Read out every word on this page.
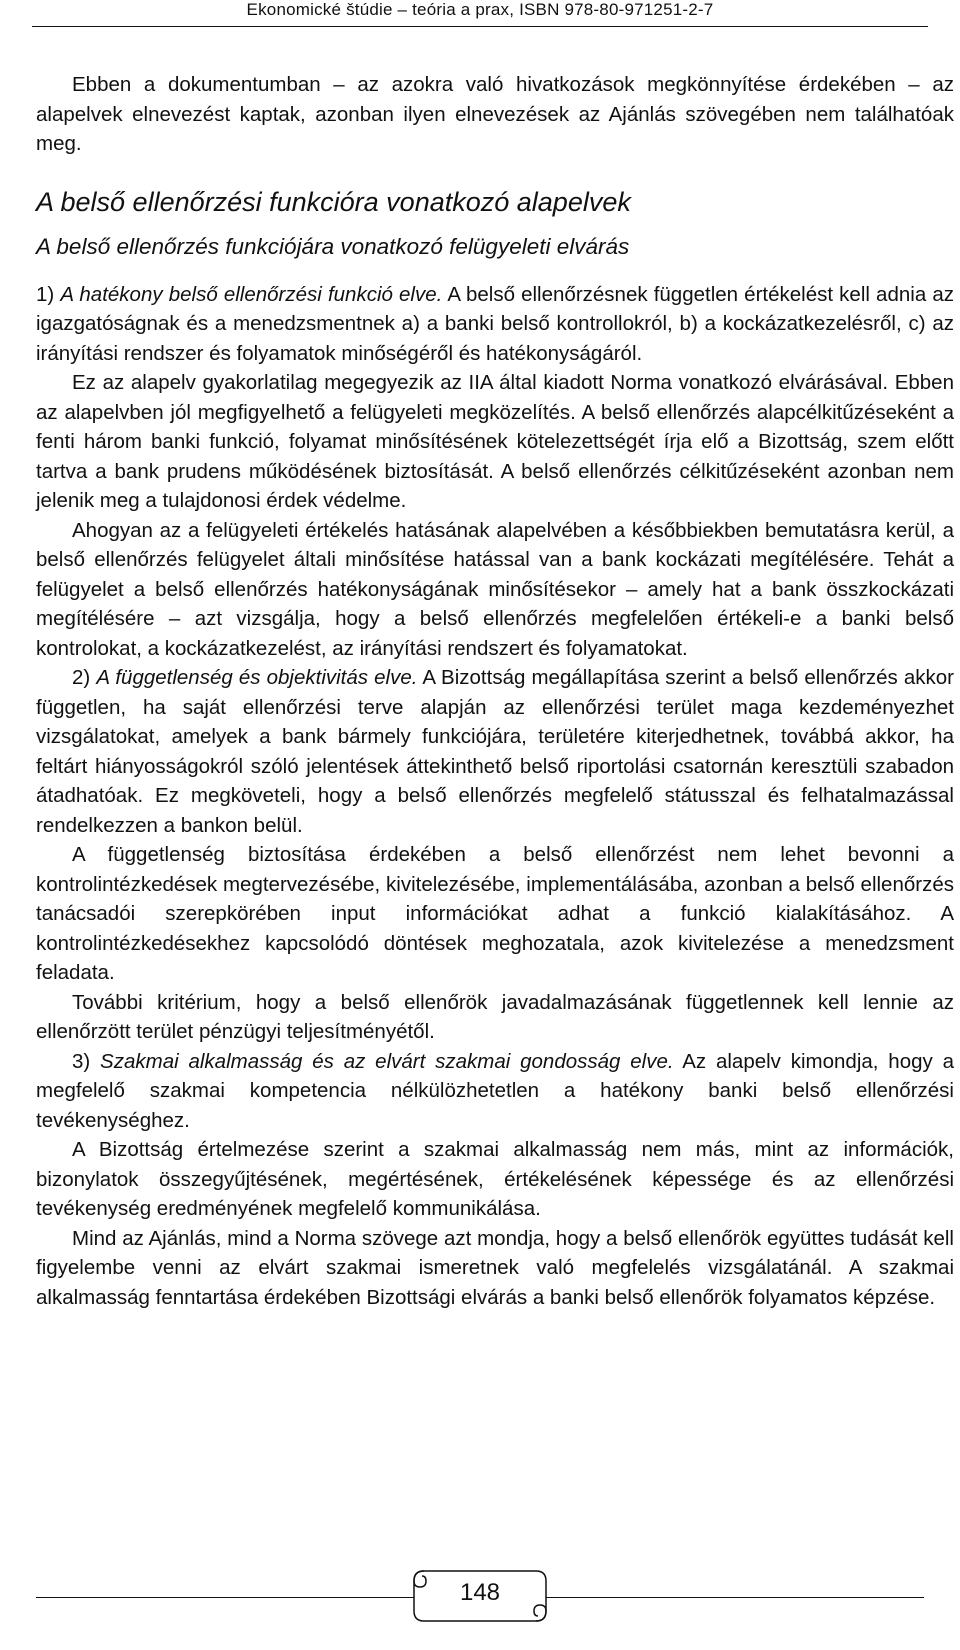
Ekonomické štúdie – teória a prax, ISBN 978-80-971251-2-7

Ebben a dokumentumban – az azokra való hivatkozások megkönnyítése érdekében – az alapelvek elnevezést kaptak, azonban ilyen elnevezések az Ajánlás szövegében nem találhatóak meg.

A belső ellenőrzési funkcióra vonatkozó alapelvek

A belső ellenőrzés funkciójára vonatkozó felügyeleti elvárás

1) A hatékony belső ellenőrzési funkció elve. A belső ellenőrzésnek független értékelést kell adnia az igazgatóságnak és a menedzsmentnek a) a banki belső kontrollokról, b) a kockázatkezelésről, c) az irányítási rendszer és folyamatok minőségéről és hatékonyságáról.

Ez az alapelv gyakorlatilag megegyezik az IIA által kiadott Norma vonatkozó elvárásával. Ebben az alapelvben jól megfigyelhető a felügyeleti megközelítés. A belső ellenőrzés alapcélkitűzéseként a fenti három banki funkció, folyamat minősítésének kötelezettségét írja elő a Bizottság, szem előtt tartva a bank prudens működésének biztosítását. A belső ellenőrzés célkitűzéseként azonban nem jelenik meg a tulajdonosi érdek védelme.

Ahogyan az a felügyeleti értékelés hatásának alapelvében a későbbiekben bemutatásra kerül, a belső ellenőrzés felügyelet általi minősítése hatással van a bank kockázati megítélésére. Tehát a felügyelet a belső ellenőrzés hatékonyságának minősítésekor – amely hat a bank összkockázati megítélésére – azt vizsgálja, hogy a belső ellenőrzés megfelelően értékeli-e a banki belső kontrolokat, a kockázatkezelést, az irányítási rendszert és folyamatokat.

2) A függetlenség és objektivitás elve. A Bizottság megállapítása szerint a belső ellenőrzés akkor független, ha saját ellenőrzési terve alapján az ellenőrzési terület maga kezdeményezhet vizsgálatokat, amelyek a bank bármely funkciójára, területére kiterjedhetnek, továbbá akkor, ha feltárt hiányosságokról szóló jelentések áttekinthető belső riportolási csatornán keresztüli szabadon átadhatóak. Ez megköveteli, hogy a belső ellenőrzés megfelelő státusszal és felhatalmazással rendelkezzen a bankon belül.

A függetlenség biztosítása érdekében a belső ellenőrzést nem lehet bevonni a kontrolintézkedések megtervezésébe, kivitelezésébe, implementálásába, azonban a belső ellenőrzés tanácsadói szerepkörében input információkat adhat a funkció kialakításához. A kontrolintézkedésekhez kapcsolódó döntések meghozatala, azok kivitelezése a menedzsment feladata.

További kritérium, hogy a belső ellenőrök javadalmazásának függetlennek kell lennie az ellenőrzött terület pénzügyi teljesítményétől.

3) Szakmai alkalmasság és az elvárt szakmai gondosság elve. Az alapelv kimondja, hogy a megfelelő szakmai kompetencia nélkülözhetetlen a hatékony banki belső ellenőrzési tevékenységhez.

A Bizottság értelmezése szerint a szakmai alkalmasság nem más, mint az információk, bizonylatok összegyűjtésének, megértésének, értékelésének képessége és az ellenőrzési tevékenység eredményének megfelelő kommunikálása.

Mind az Ajánlás, mind a Norma szövege azt mondja, hogy a belső ellenőrök együttes tudását kell figyelembe venni az elvárt szakmai ismeretnek való megfelelés vizsgálatánál. A szakmai alkalmasság fenntartása érdekében Bizottsági elvárás a banki belső ellenőrök folyamatos képzése.

148
